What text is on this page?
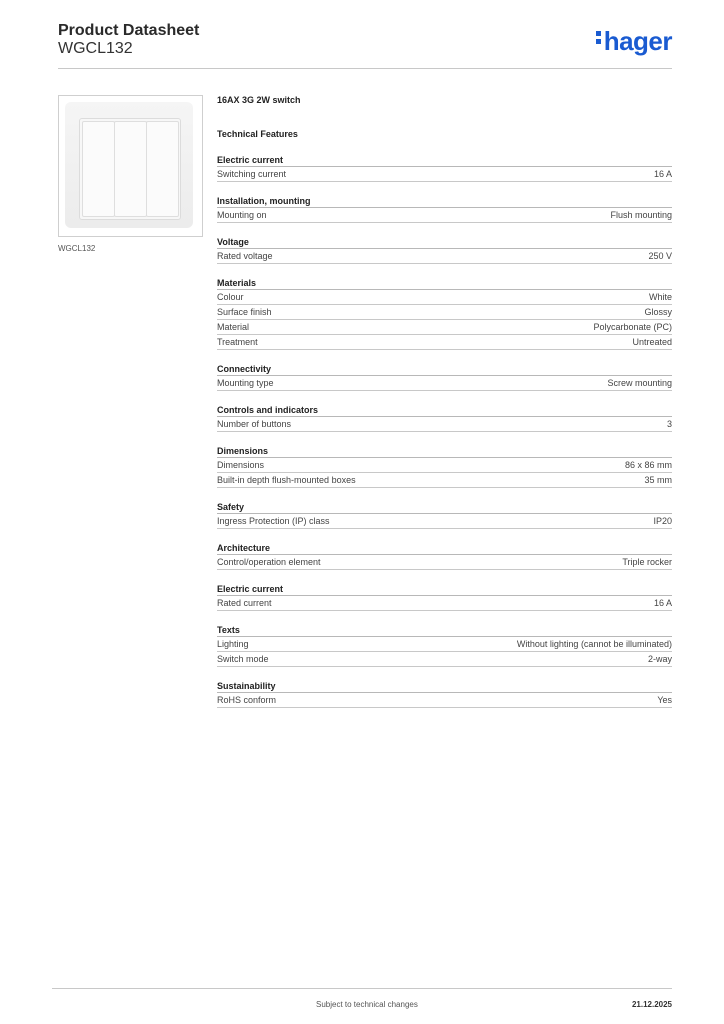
Product Datasheet
WGCL132	hager
WGCL132
16AX 3G 2W switch
Technical Features
Electric current
Switching current	16 A
Installation, mounting
Mounting on	Flush mounting
Voltage
Rated voltage	250 V
Materials
Colour	White
Surface finish	Glossy
Material	Polycarbonate (PC)
Treatment	Untreated
Connectivity
Mounting type	Screw mounting
Controls and indicators
Number of buttons	3
Dimensions
Dimensions	86 x 86 mm
Built-in depth flush-mounted boxes	35 mm
Safety
Ingress Protection (IP) class	IP20
Architecture
Control/operation element	Triple rocker
Electric current
Rated current	16 A
Texts
Lighting	Without lighting (cannot be illuminated)
Switch mode	2-way
Sustainability
RoHS conform	Yes
Subject to technical changes	21.12.2025
